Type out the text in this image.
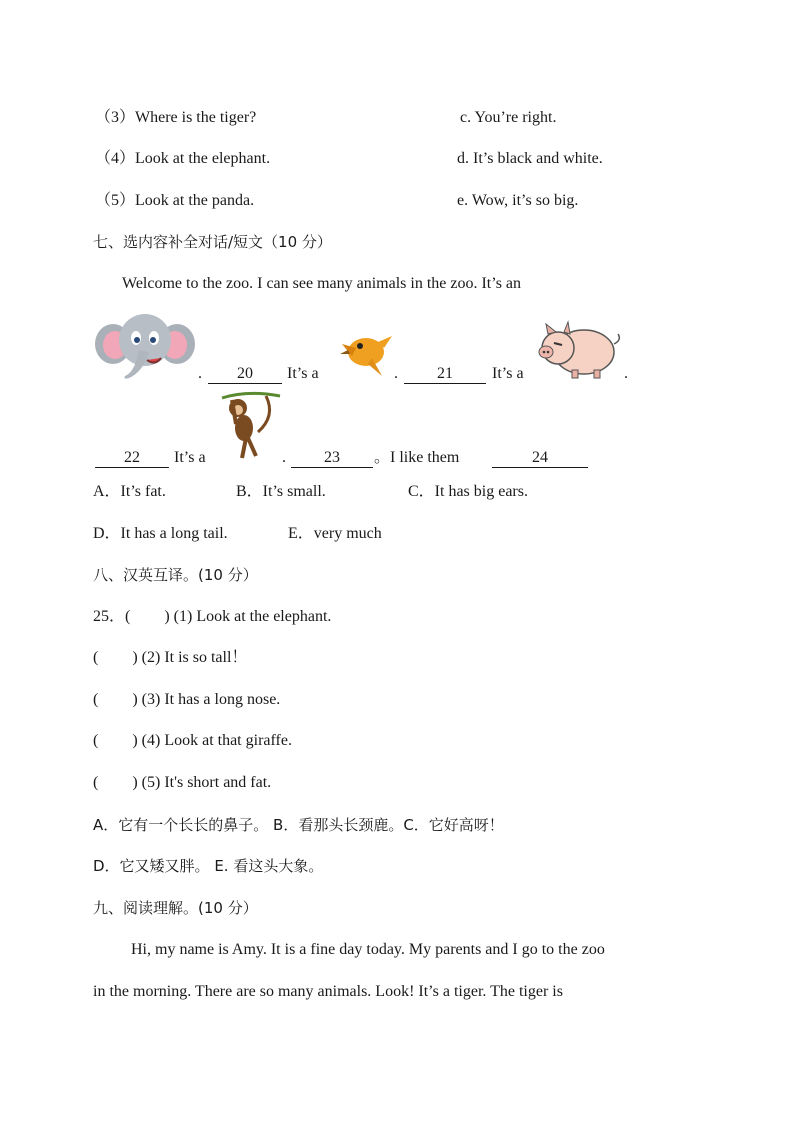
（3）Where is the tiger?	c. You’re right.
（4）Look at the elephant.	d. It’s black and white.
（5）Look at the panda.	e. Wow, it’s so big.
七、选内容补全对话/短文（10 分）
Welcome to the zoo. I can see many animals in the zoo. It’s an
.	20	It’s a	.	21	It’s a	.
22	It’s a	.	23	。I like them	24
A．It’s fat.	B．It’s small.	C．It has big ears.
D．It has a long tail.	E．very much
八、汉英互译。(10 分）
25．( ) (1) Look at the elephant.
( ) (2) It is so tall！
( ) (3) It has a long nose.
( ) (4) Look at that giraffe.
( ) (5) It's short and fat.
A．它有一个长长的鼻子。 B．看那头长颈鹿。C．它好高呀！
D．它又矮又胖。 E. 看这头大象。
九、阅读理解。(10 分）
Hi, my name is Amy. It is a fine day today. My parents and I go to the zoo
in the morning. There are so many animals. Look! It’s a tiger. The tiger is
